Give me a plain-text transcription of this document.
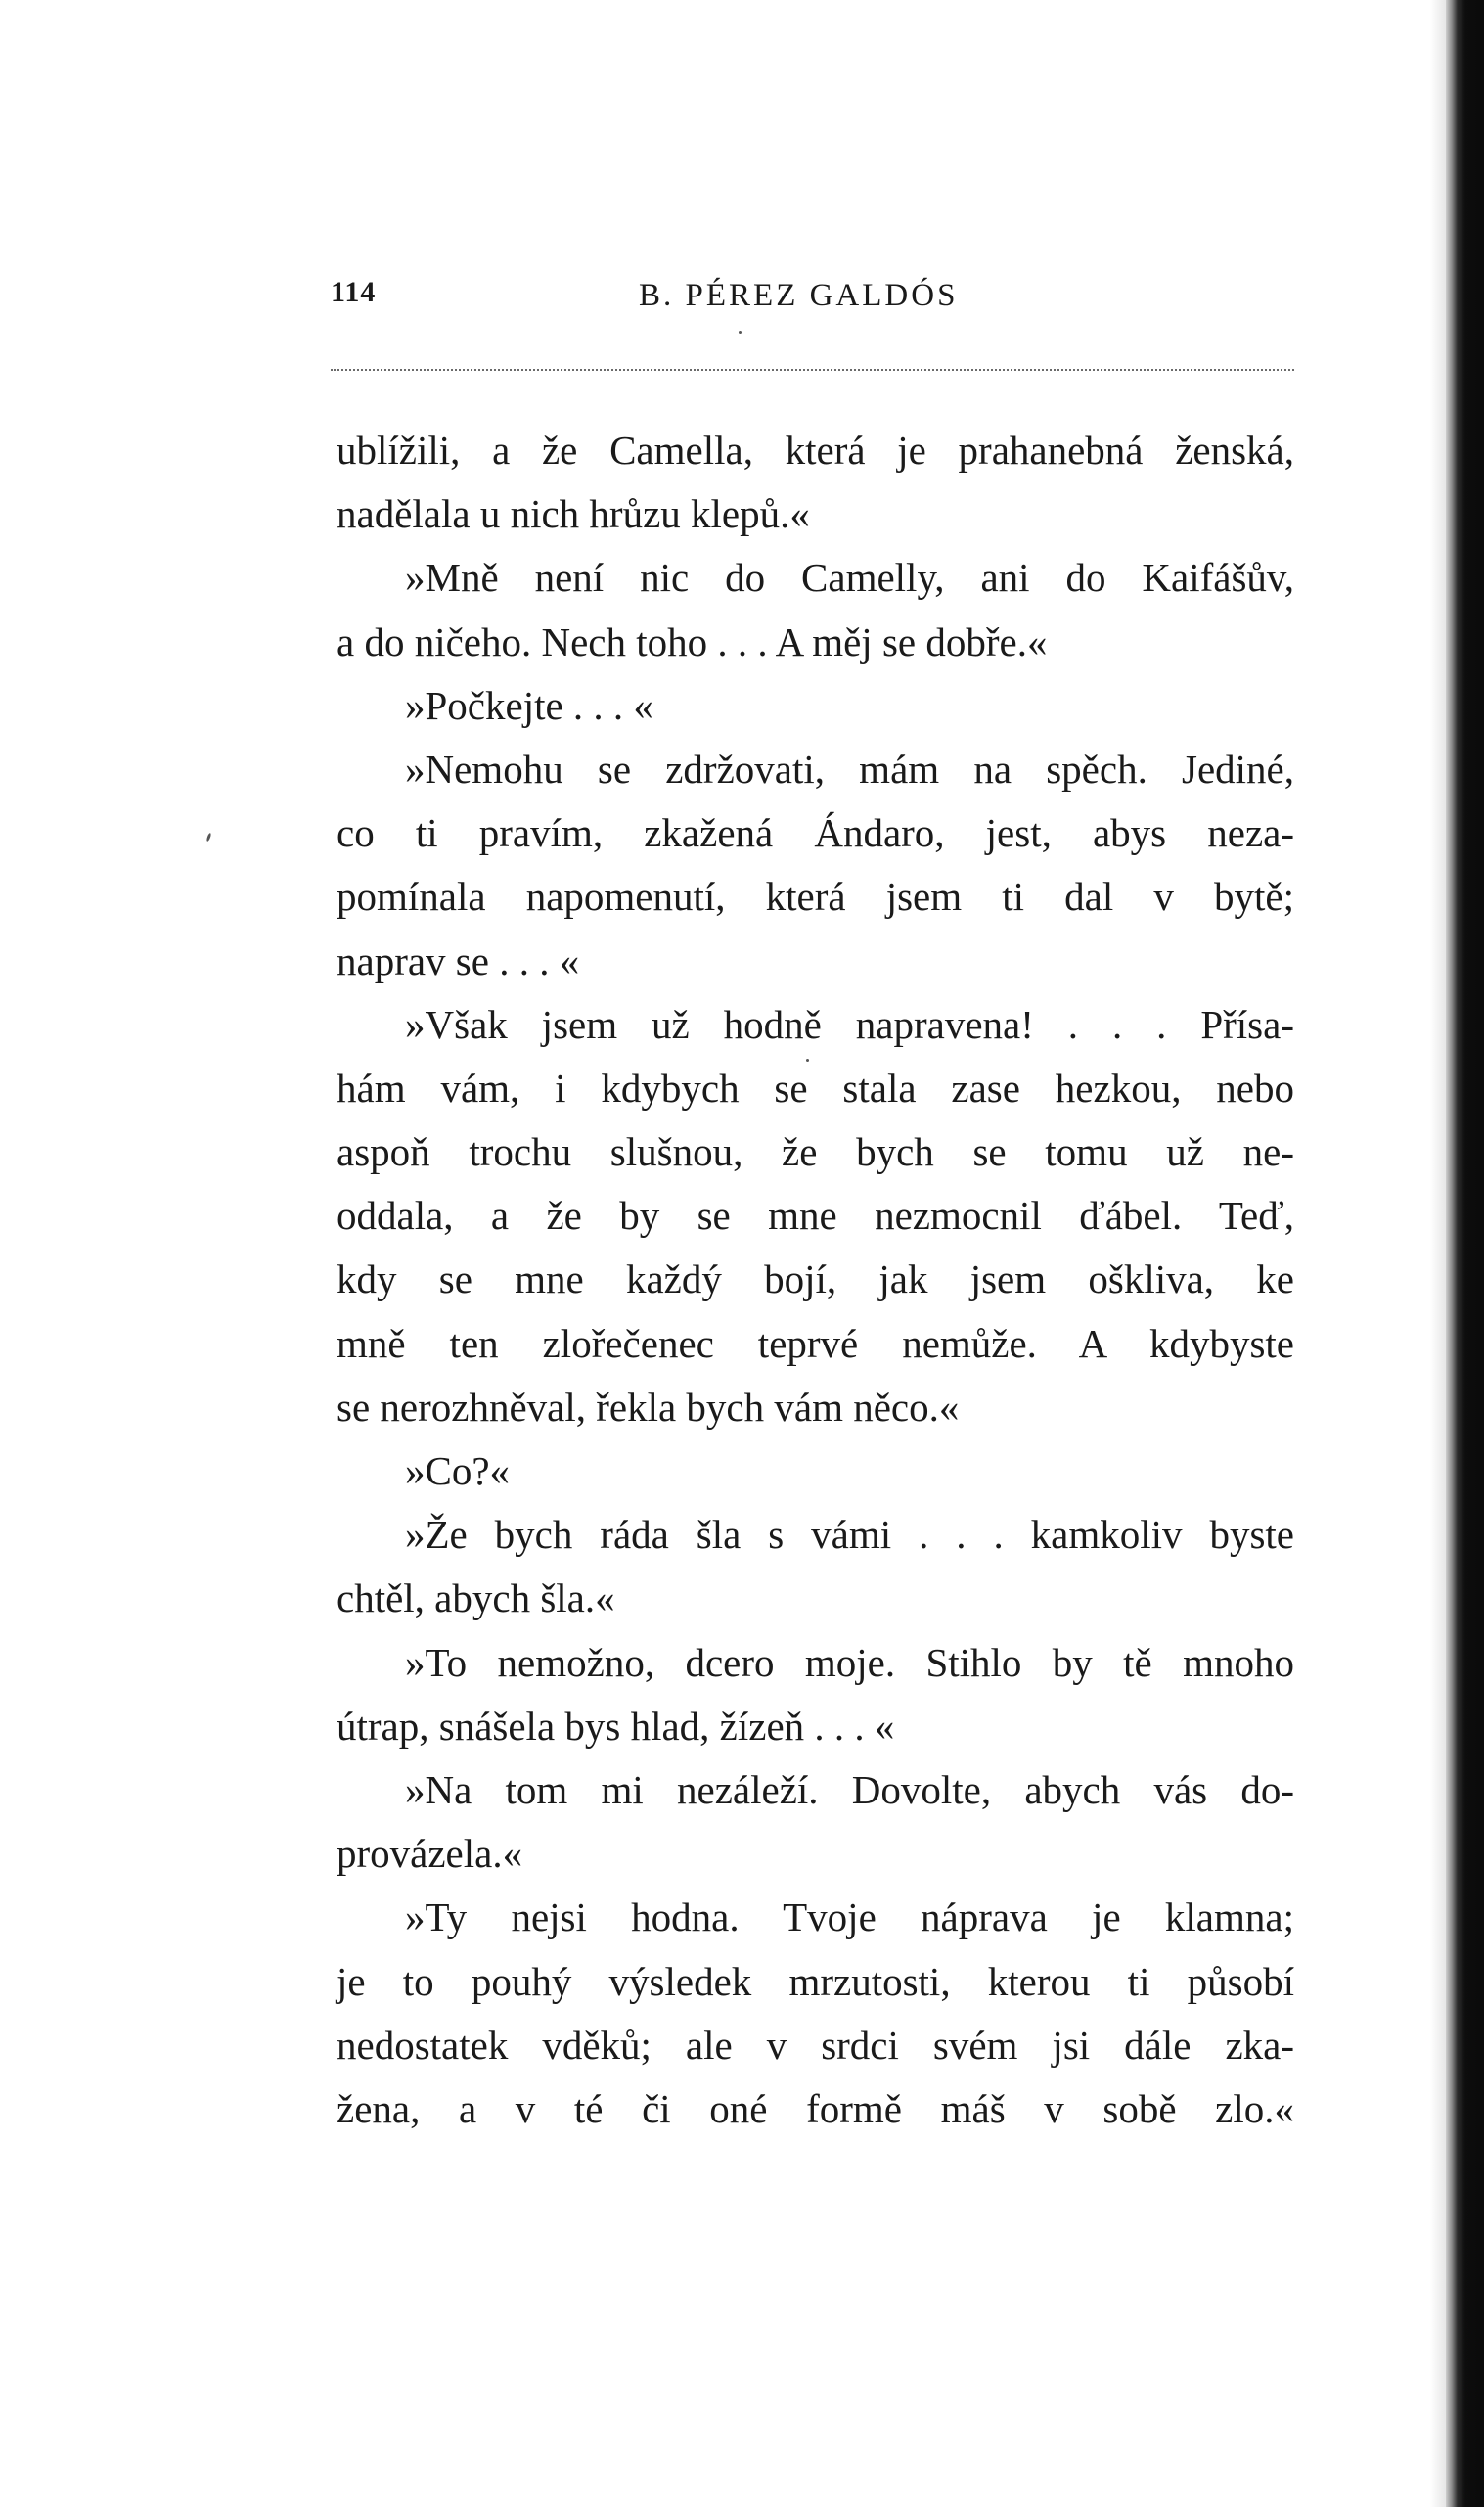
114	B. PÉREZ GALDÓS
ublížili, a že Camella, která je prahanebná ženská,
nadělala u nich hrůzu klepů.«
»Mně není nic do Camelly, ani do Kaifášův,
a do ničeho. Nech toho . . . A měj se dobře.«
»Počkejte . . . «
»Nemohu se zdržovati, mám na spěch. Jediné,
co ti pravím, zkažená Ándaro, jest, abys neza-
pomínala napomenutí, která jsem ti dal v bytě;
naprav se . . . «
»Však jsem už hodně napravena! . . . Přísa-
hám vám, i kdybych se stala zase hezkou, nebo
aspoň trochu slušnou, že bych se tomu už ne-
oddala, a že by se mne nezmocnil ďábel. Teď,
kdy se mne každý bojí, jak jsem oškliva, ke
mně ten zlořečenec teprvé nemůže. A kdybyste
se nerozhněval, řekla bych vám něco.«
»Co?«
»Že bych ráda šla s vámi . . . kamkoliv byste
chtěl, abych šla.«
»To nemožno, dcero moje. Stihlo by tě mnoho
útrap, snášela bys hlad, žízeň . . . «
»Na tom mi nezáleží. Dovolte, abych vás do-
provázela.«
»Ty nejsi hodna. Tvoje náprava je klamna;
je to pouhý výsledek mrzutosti, kterou ti působí
nedostatek vděků; ale v srdci svém jsi dále zka-
žena, a v té či oné formě máš v sobě zlo.«
